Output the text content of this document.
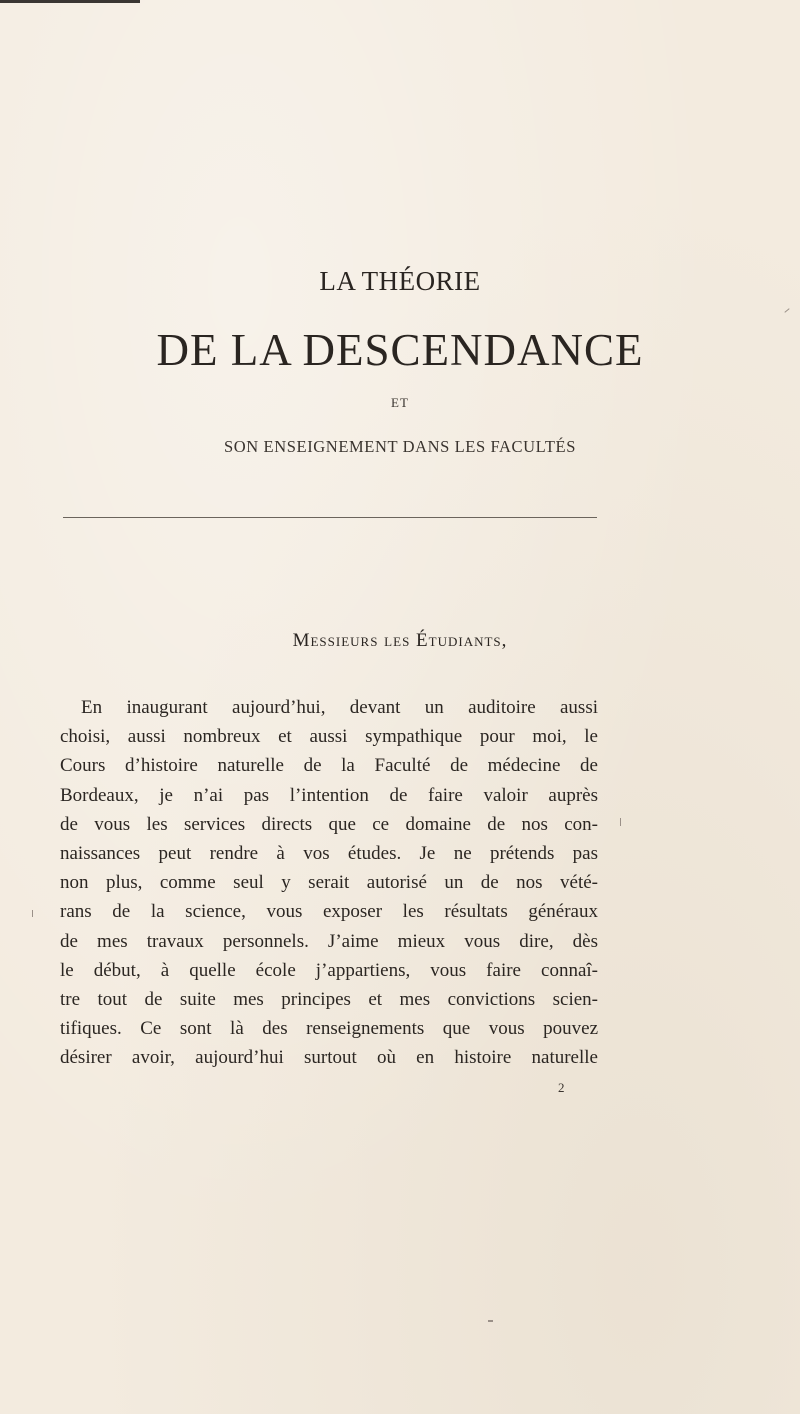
LA THÉORIE
DE LA DESCENDANCE
ET
SON ENSEIGNEMENT DANS LES FACULTÉS
Messieurs les Étudiants,
En inaugurant aujourd’hui, devant un auditoire aussi
choisi, aussi nombreux et aussi sympathique pour moi, le
Cours d’histoire naturelle de la Faculté de médecine de
Bordeaux, je n’ai pas l’intention de faire valoir auprès
de vous les services directs que ce domaine de nos con-
naissances peut rendre à vos études. Je ne prétends pas
non plus, comme seul y serait autorisé un de nos vété-
rans de la science, vous exposer les résultats généraux
de mes travaux personnels. J’aime mieux vous dire, dès
le début, à quelle école j’appartiens, vous faire connaî-
tre tout de suite mes principes et mes convictions scien-
tifiques. Ce sont là des renseignements que vous pouvez
désirer avoir, aujourd’hui surtout où en histoire naturelle
2
